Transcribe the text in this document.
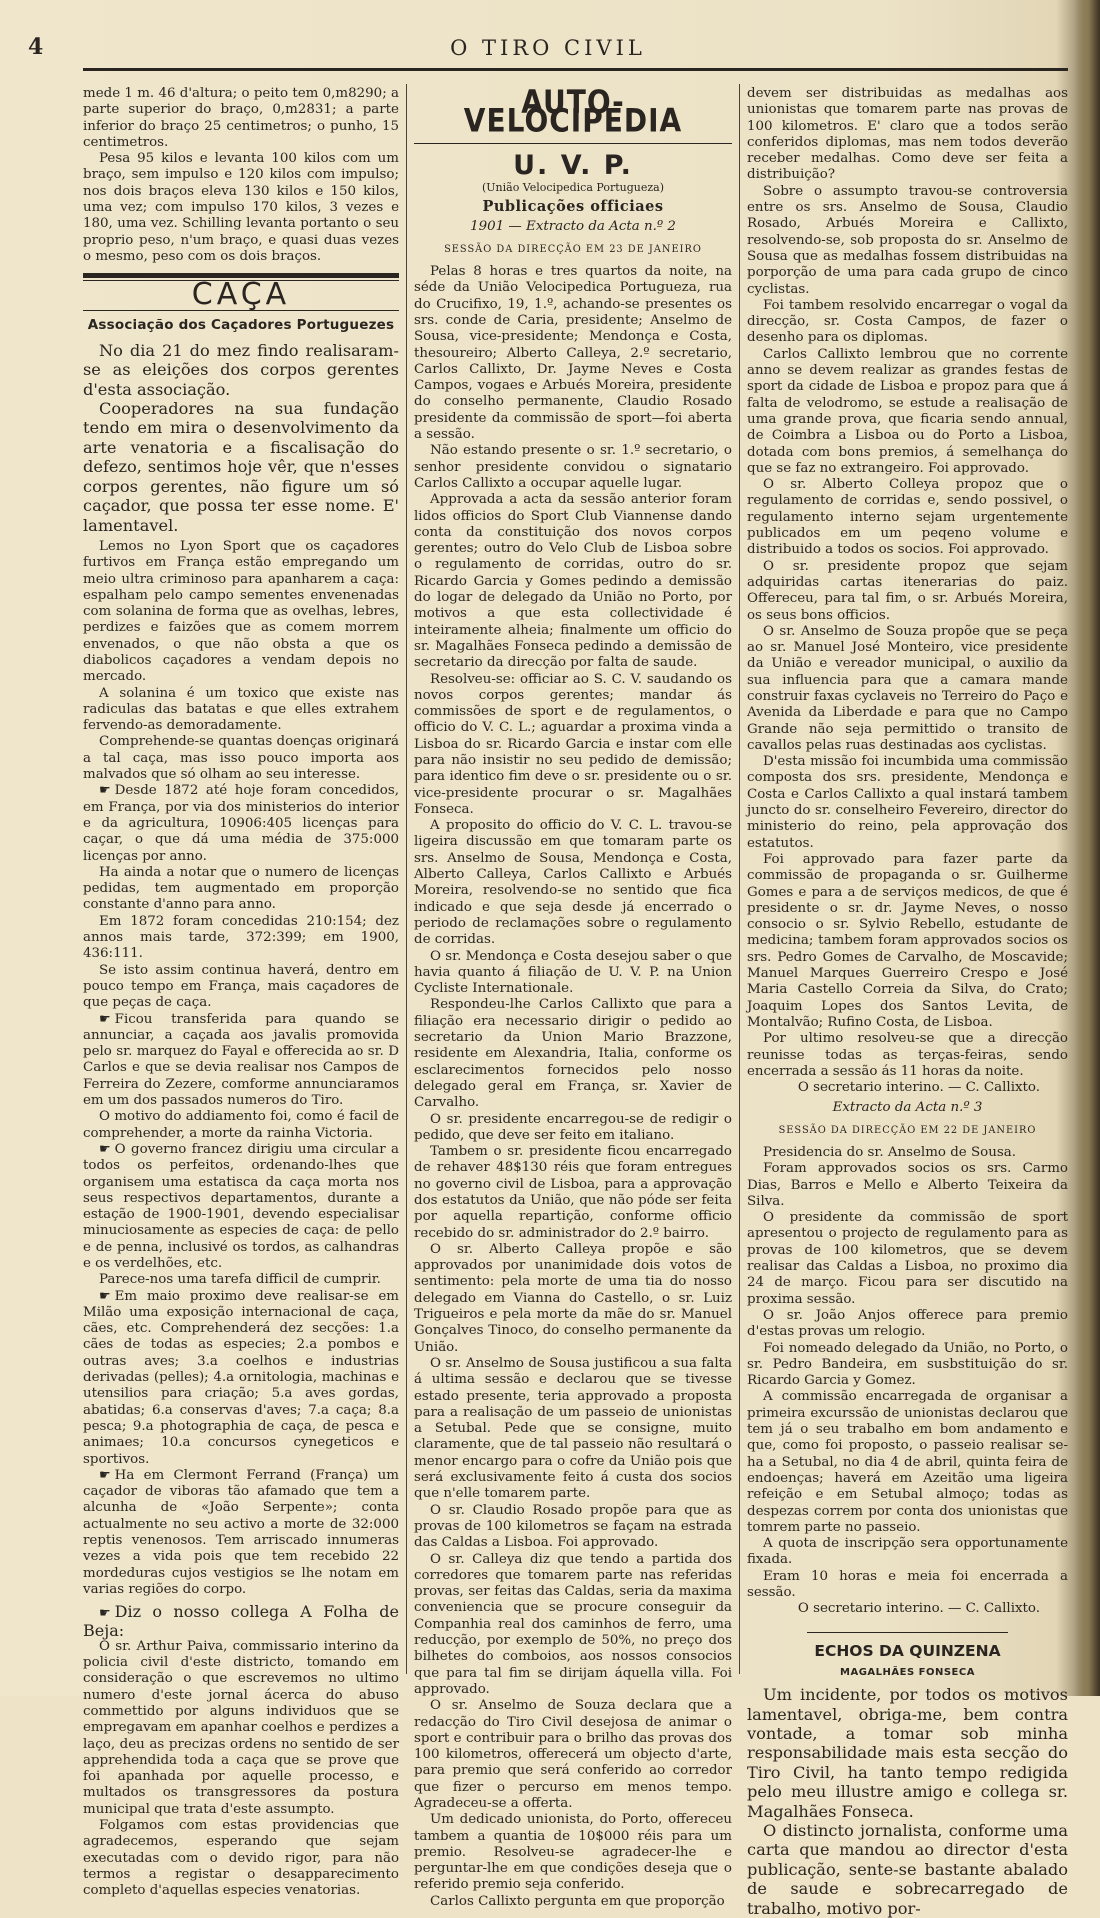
4	O TIRO CIVIL

mede 1 m. 46 d'altura; o peito tem 0,m8290; a parte superior do braço, 0,m2831; a parte inferior do braço 25 centimetros; o punho, 15 centimetros.

Pesa 95 kilos e levanta 100 kilos com um braço, sem impulso e 120 kilos com impulso; nos dois braços eleva 130 kilos e 150 kilos, uma vez; com impulso 170 kilos, 3 vezes e 180, uma vez. Schilling levanta portanto o seu proprio peso, n'um braço, e quasi duas vezes o mesmo, peso com os dois braços.

CAÇA
Associação dos Caçadores Portuguezes

No dia 21 do mez findo realisaram-se as eleições dos corpos gerentes d'esta associação.

Cooperadores na sua fundação tendo em mira o desenvolvimento da arte venatoria e a fiscalisação do defezo, sentimos hoje vêr, que n'esses corpos gerentes, não figure um só caçador, que possa ter esse nome. E' lamentavel.

Lemos no Lyon Sport que os caçadores furtivos em França estão empregando um meio ultra criminoso para apanharem a caça: espalham pelo campo sementes envenenadas com solanina de forma que as ovelhas, lebres, perdizes e faizões que as comem morrem envenados, o que não obsta a que os diabolicos caçadores a vendam depois no mercado.

A solanina é um toxico que existe nas radiculas das batatas e que elles extrahem fervendo-as demoradamente.

Comprehende-se quantas doenças originará a tal caça, mas isso pouco importa aos malvados que só olham ao seu interesse.

☛ Desde 1872 até hoje foram concedidos, em França, por via dos ministerios do interior e da agricultura, 10906:405 licenças para caçar, o que dá uma média de 375:000 licenças por anno.

Ha ainda a notar que o numero de licenças pedidas, tem augmentado em proporção constante d'anno para anno.

Em 1872 foram concedidas 210:154; dez annos mais tarde, 372:399; em 1900, 436:111.

Se isto assim continua haverá, dentro em pouco tempo em França, mais caçadores de que peças de caça.

☛ Ficou transferida para quando se annunciar, a caçada aos javalis promovida pelo sr. marquez do Fayal e offerecida ao sr. D Carlos e que se devia realisar nos Campos de Ferreira do Zezere, comforme annunciaramos em um dos passados numeros do Tiro.

O motivo do addiamento foi, como é facil de comprehender, a morte da rainha Victoria.

☛ O governo francez dirigiu uma circular a todos os perfeitos, ordenando-lhes que organisem uma estatisca da caça morta nos seus respectivos departamentos, durante a estação de 1900-1901, devendo especialisar minuciosamente as especies de caça: de pello e de penna, inclusivé os tordos, as calhandras e os verdelhões, etc.

Parece-nos uma tarefa difficil de cumprir.

☛ Em maio proximo deve realisar-se em Milão uma exposição internacional de caça, cães, etc. Comprehenderá dez secções: 1.a cães de todas as especies; 2.a pombos e outras aves; 3.a coelhos e industrias derivadas (pelles); 4.a ornitologia, machinas e utensilios para criação; 5.a aves gordas, abatidas; 6.a conservas d'aves; 7.a caça; 8.a pesca; 9.a photographia de caça, de pesca e animaes; 10.a concursos cynegeticos e sportivos.

☛ Ha em Clermont Ferrand (França) um caçador de viboras tão afamado que tem a alcunha de «João Serpente»; conta actualmente no seu activo a morte de 32:000 reptis venenosos. Tem arriscado innumeras vezes a vida pois que tem recebido 22 mordeduras cujos vestigios se lhe notam em varias regiões do corpo.

☛ Diz o nosso collega A Folha de Beja:

O sr. Arthur Paiva, commissario interino da policia civil d'este districto, tomando em consideração o que escrevemos no ultimo numero d'este jornal ácerca do abuso commettido por alguns individuos que se empregavam em apanhar coelhos e perdizes a laço, deu as precizas ordens no sentido de ser apprehendida toda a caça que se prove que foi apanhada por aquelle processo, e multados os transgressores da postura municipal que trata d'este assumpto.

Folgamos com estas providencias que agradecemos, esperando que sejam executadas com o devido rigor, para não termos a registar o desapparecimento completo d'aquellas especies venatorias.

AUTO-VELOCIPEDIA
U. V. P.
(União Velocipedica Portugueza)
Publicações officiaes
1901 — Extracto da Acta n.º 2
SESSÃO DA DIRECÇÃO EM 23 DE JANEIRO

Pelas 8 horas e tres quartos da noite, na séde da União Velocipedica Portugueza, rua do Crucifixo, 19, 1.º, achando-se presentes os srs. conde de Caria, presidente; Anselmo de Sousa, vice-presidente; Mendonça e Costa, thesoureiro; Alberto Calleya, 2.º secretario, Carlos Callixto, Dr. Jayme Neves e Costa Campos, vogaes e Arbués Moreira, presidente do conselho permanente, Claudio Rosado presidente da commissão de sport—foi aberta a sessão.

Não estando presente o sr. 1.º secretario, o senhor presidente convidou o signatario Carlos Callixto a occupar aquelle lugar.

Approvada a acta da sessão anterior foram lidos officios do Sport Club Viannense dando conta da constituição dos novos corpos gerentes; outro do Velo Club de Lisboa sobre o regulamento de corridas, outro do sr. Ricardo Garcia y Gomes pedindo a demissão do logar de delegado da União no Porto, por motivos a que esta collectividade é inteiramente alheia; finalmente um officio do sr. Magalhães Fonseca pedindo a demissão de secretario da direcção por falta de saude.

Resolveu-se: officiar ao S. C. V. saudando os novos corpos gerentes; mandar ás commissões de sport e de regulamentos, o officio do V. C. L.; aguardar a proxima vinda a Lisboa do sr. Ricardo Garcia e instar com elle para não insistir no seu pedido de demissão; para identico fim deve o sr. presidente ou o sr. vice-presidente procurar o sr. Magalhães Fonseca.

A proposito do officio do V. C. L. travou-se ligeira discussão em que tomaram parte os srs. Anselmo de Sousa, Mendonça e Costa, Alberto Calleya, Carlos Callixto e Arbués Moreira, resolvendo-se no sentido que fica indicado e que seja desde já encerrado o periodo de reclamações sobre o regulamento de corridas.

O sr. Mendonça e Costa desejou saber o que havia quanto á filiação de U. V. P. na Union Cycliste Internationale.

Respondeu-lhe Carlos Callixto que para a filiação era necessario dirigir o pedido ao secretario da Union Mario Brazzone, residente em Alexandria, Italia, conforme os esclarecimentos fornecidos pelo nosso delegado geral em França, sr. Xavier de Carvalho.

O sr. presidente encarregou-se de redigir o pedido, que deve ser feito em italiano.

Tambem o sr. presidente ficou encarregado de rehaver 48$130 réis que foram entregues no governo civil de Lisboa, para a approvação dos estatutos da União, que não póde ser feita por aquella repartição, conforme officio recebido do sr. administrador do 2.º bairro.

O sr. Alberto Calleya propõe e são approvados por unanimidade dois votos de sentimento: pela morte de uma tia do nosso delegado em Vianna do Castello, o sr. Luiz Trigueiros e pela morte da mãe do sr. Manuel Gonçalves Tinoco, do conselho permanente da União.

O sr. Anselmo de Sousa justificou a sua falta á ultima sessão e declarou que se tivesse estado presente, teria approvado a proposta para a realisação de um passeio de unionistas a Setubal. Pede que se consigne, muito claramente, que de tal passeio não resultará o menor encargo para o cofre da União pois que será exclusivamente feito á custa dos socios que n'elle tomarem parte.

O sr. Claudio Rosado propõe para que as provas de 100 kilometros se façam na estrada das Caldas a Lisboa. Foi approvado.

O sr. Calleya diz que tendo a partida dos corredores que tomarem parte nas referidas provas, ser feitas das Caldas, seria da maxima conveniencia que se procure conseguir da Companhia real dos caminhos de ferro, uma reducção, por exemplo de 50%, no preço dos bilhetes do comboios, aos nossos consocios que para tal fim se dirijam áquella villa. Foi approvado.

O sr. Anselmo de Souza declara que a redacção do Tiro Civil desejosa de animar o sport e contribuir para o brilho das provas dos 100 kilometros, offerecerá um objecto d'arte, para premio que será conferido ao corredor que fizer o percurso em menos tempo. Agradeceu-se a offerta.

Um dedicado unionista, do Porto, offereceu tambem a quantia de 10$000 réis para um premio. Resolveu-se agradecer-lhe e perguntar-lhe em que condições deseja que o referido premio seja conferido.

Carlos Callixto pergunta em que proporção

devem ser distribuidas as medalhas aos unionistas que tomarem parte nas provas de 100 kilometros. E' claro que a todos serão conferidos diplomas, mas nem todos deverão receber medalhas. Como deve ser feita a distribuição?

Sobre o assumpto travou-se controversia entre os srs. Anselmo de Sousa, Claudio Rosado, Arbués Moreira e Callixto, resolvendo-se, sob proposta do sr. Anselmo de Sousa que as medalhas fossem distribuidas na porporção de uma para cada grupo de cinco cyclistas.

Foi tambem resolvido encarregar o vogal da direcção, sr. Costa Campos, de fazer o desenho para os diplomas.

Carlos Callixto lembrou que no corrente anno se devem realizar as grandes festas de sport da cidade de Lisboa e propoz para que á falta de velodromo, se estude a realisação de uma grande prova, que ficaria sendo annual, de Coimbra a Lisboa ou do Porto a Lisboa, dotada com bons premios, á semelhança do que se faz no extrangeiro. Foi approvado.

O sr. Alberto Colleya propoz que o regulamento de corridas e, sendo possivel, o regulamento interno sejam urgentemente publicados em um peqeno volume e distribuido a todos os socios. Foi approvado.

O sr. presidente propoz que sejam adquiridas cartas itenerarias do paiz. Offereceu, para tal fim, o sr. Arbués Moreira, os seus bons officios.

O sr. Anselmo de Souza propõe que se peça ao sr. Manuel José Monteiro, vice presidente da União e vereador municipal, o auxilio da sua influencia para que a camara mande construir faxas cyclaveis no Terreiro do Paço e Avenida da Liberdade e para que no Campo Grande não seja permittido o transito de cavallos pelas ruas destinadas aos cyclistas.

D'esta missão foi incumbida uma commissão composta dos srs. presidente, Mendonça e Costa e Carlos Callixto a qual instará tambem juncto do sr. conselheiro Fevereiro, director do ministerio do reino, pela approvação dos estatutos.

Foi approvado para fazer parte da commissão de propaganda o sr. Guilherme Gomes e para a de serviços medicos, de que é presidente o sr. dr. Jayme Neves, o nosso consocio o sr. Sylvio Rebello, estudante de medicina; tambem foram approvados socios os srs. Pedro Gomes de Carvalho, de Moscavide; Manuel Marques Guerreiro Crespo e José Maria Castello Correia da Silva, do Crato; Joaquim Lopes dos Santos Levita, de Montalvão; Rufino Costa, de Lisboa.

Por ultimo resolveu-se que a direcção reunisse todas as terças-feiras, sendo encerrada a sessão ás 11 horas da noite.

O secretario interino. — C. Callixto.

Extracto da Acta n.º 3
SESSÃO DA DIRECÇÃO EM 22 DE JANEIRO

Presidencia do sr. Anselmo de Sousa.

Foram approvados socios os srs. Carmo Dias, Barros e Mello e Alberto Teixeira da Silva.

O presidente da commissão de sport apresentou o projecto de regulamento para as provas de 100 kilometros, que se devem realisar das Caldas a Lisboa, no proximo dia 24 de março. Ficou para ser discutido na proxima sessão.

O sr. João Anjos offerece para premio d'estas provas um relogio.

Foi nomeado delegado da União, no Porto, o sr. Pedro Bandeira, em susbstituição do sr. Ricardo Garcia y Gomez.

A commissão encarregada de organisar a primeira excurssão de unionistas declarou que tem já o seu trabalho em bom andamento e que, como foi proposto, o passeio realisar se-ha a Setubal, no dia 4 de abril, quinta feira de endoenças; haverá em Azeitão uma ligeira refeição e em Setubal almoço; todas as despezas correm por conta dos unionistas que tomrem parte no passeio.

A quota de inscripção sera opportunamente fixada.

Eram 10 horas e meia foi encerrada a sessão.

O secretario interino. — C. Callixto.

ECHOS DA QUINZENA
MAGALHÃES FONSECA

Um incidente, por todos os motivos lamentavel, obriga-me, bem contra vontade, a tomar sob minha responsabilidade mais esta secção do Tiro Civil, ha tanto tempo redigida pelo meu illustre amigo e collega sr. Magalhães Fonseca.

O distincto jornalista, conforme uma carta que mandou ao director d'esta publicação, sente-se bastante abalado de saude e sobrecarregado de trabalho, motivo por-
